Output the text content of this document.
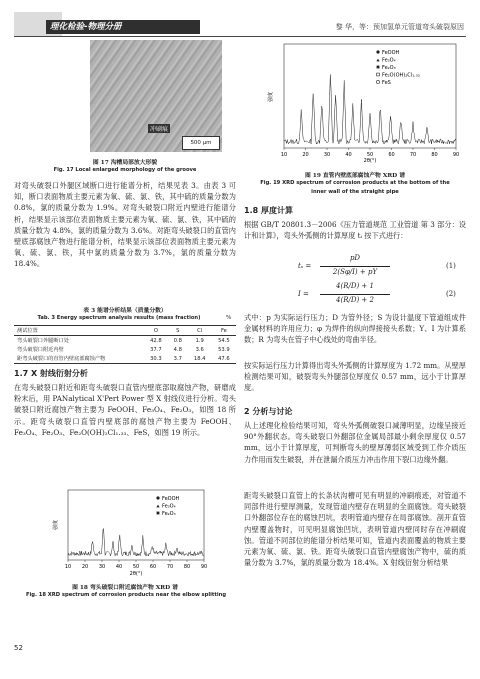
理化检验-物理分册	黎 华，等：预加氢单元管道弯头破裂原因
冲刷痕
500 μm
图 17 沟槽局部放大形貌
Fig. 17 Local enlarged morphology of the groove
对弯头破裂口外腿区域断口进行能谱分析，结果见表 3。由表 3 可知，断口表面物质主要元素为氧、硫、氯、铁，其中硫的质量分数为 0.8%，氯的质量分数为 1.9%。对弯头破裂口附近内壁进行能谱分析，结果显示该部位表面物质主要元素为氧、硫、氯、铁，其中硫的质量分数为 4.8%，氯的质量分数为 3.6%。对距弯头破裂口的直管内壁底部腐蚀产物进行能谱分析，结果显示该部位表面物质主要元素为氧、硫、氯、铁，其中氯的质量分数为 3.7%，氯的质量分数为 18.4%。
表 3 能谱分析结果（质量分数）
Tab. 3 Energy spectrum analysis results (mass fraction)	%
测试位置	O	S	Cl	Fe
弯头破裂口外腿断口处	42.8	0.8	1.9	54.5
弯头破裂口附近内壁	37.7	4.8	3.6	53.9
距弯头破裂口的直管内壁底部腐蚀产物	30.3	3.7	18.4	47.6
1.7 X 射线衍射分析
在弯头破裂口附近和距弯头破裂口直管内壁底部取腐蚀产物，研磨成粉末后，用 PANalytical X'Pert Power 型 X 射线仪进行分析。弯头破裂口附近腐蚀产物主要为 FeOOH、Fe₃O₄、Fe₂O₃，如图 18 所示。距弯头破裂口直管内壁底部的腐蚀产物主要为 FeOOH、Fe₃O₄、Fe₂O₃、Fe₂O(OH)₂Cl₁.₃₃、FeS，如图 19 所示。
强度
10 20 30 40 50 60 70 80 90
2θ(°)
FeOOH
Fe₃O₄
Fe₂O₃
图 18 弯头破裂口附近腐蚀产物 XRD 谱
Fig. 18 XRD spectrum of corrosion products near the elbow splitting
52
强度
10	20	30	40	50	60	70	80	90
2θ(°)
FeOOH
Fe₃O₄
Fe₂O₃
Fe₂O(OH)₂Cl₁.₃₃
FeS
图 19 直管内壁底部腐蚀产物 XRD 谱
Fig. 19 XRD spectrum of corrosion products at the bottom of the
inner wall of the straight pipe
1.8 厚度计算
根据 GB/T 20801.3－2006《压力管道规范 工业管道 第 3 部分：设计和计算》，弯头外弧侧的计算厚度 tᵢ 按下式进行：
tₛ =
pD
2(Sφ/I) + pY
(1)
I =
4(R/D) + 1
4(R/D) + 2
(2)
式中：p 为实际运行压力；D 为管外径；S 为设计温度下管道组成件金属材料的许用应力；φ 为焊件的纵向焊接接头系数；Y、I 为计算系数；R 为弯头在管子中心线处的弯曲半径。
按实际运行压力计算得出弯头外弧侧的计算厚度为 1.72 mm。从壁厚检测结果可知，破裂弯头外腿部位厚度仅 0.57 mm，远小于计算厚度。
2 分析与讨论
从上述理化检验结果可知，弯头外弧侧破裂口减薄明显，边缘呈接近 90°外翻状态。弯头破裂口外翻部位金属局部最小剩余厚度仅 0.57 mm，远小于计算厚度，可判断弯头的壁厚薄弱区域受到工作介质压力作用而发生破裂，并在泄漏介质压力冲击作用下裂口边缘外翻。
距弯头破裂口直管上的长条状沟槽可见有明显的冲刷痕迹，对管道不同部件进行壁厚测量，发现管道内壁存在明显的全面腐蚀。弯头破裂口外翻部位存在的腐蚀凹坑，表明管道内壁存在局部腐蚀。剖开直管内壁覆盖物时，可见明显腐蚀凹坑，表明管道内壁同时存在冲刷腐蚀。管道不同部位的能谱分析结果可知，管道内表面覆盖的物质主要元素为氧、硫、氯、铁。距弯头破裂口直管内壁腐蚀产物中，硫的质量分数为 3.7%，氯的质量分数为 18.4%。X 射线衍射分析结果
